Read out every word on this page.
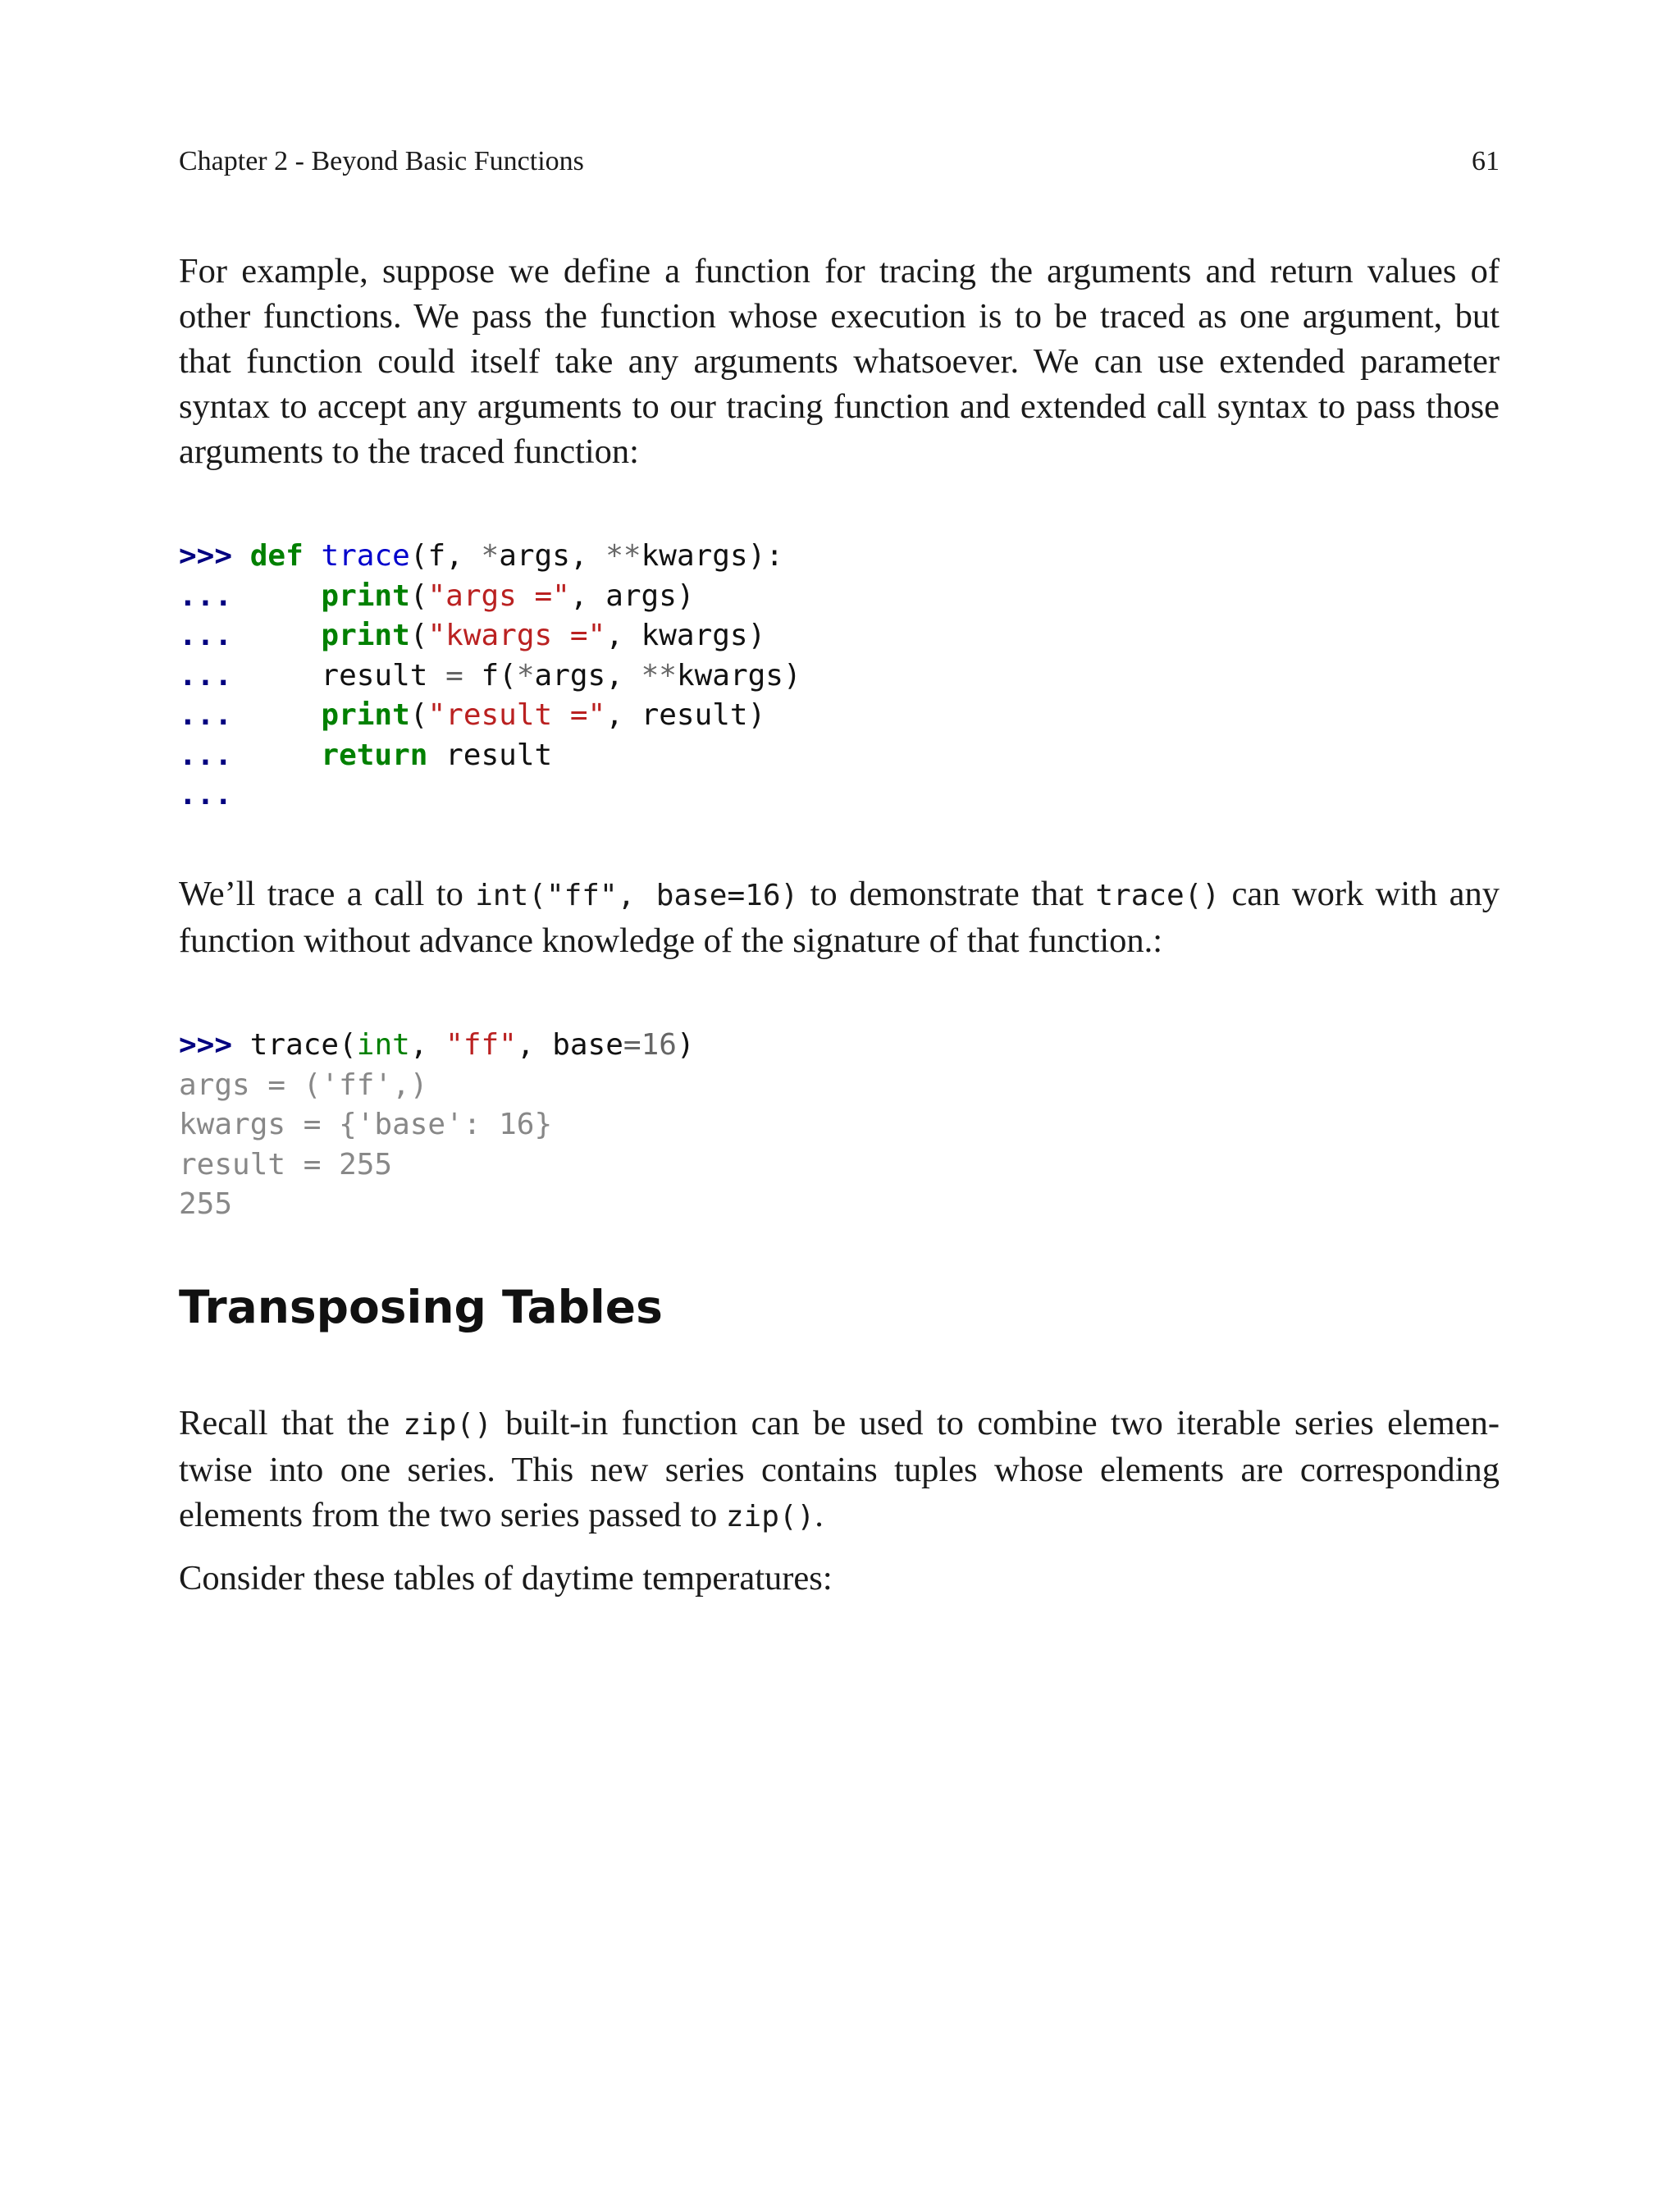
Chapter 2 - Beyond Basic Functions	61

For example, suppose we define a function for tracing the arguments and return values of other functions. We pass the function whose execution is to be traced as one argument, but that function could itself take any arguments whatsoever. We can use extended parameter syntax to accept any arguments to our tracing function and extended call syntax to pass those arguments to the traced function:

>>> def trace(f, *args, **kwargs):
...	print("args =", args)
...	print("kwargs =", kwargs)
...	result = f(*args, **kwargs)
...	print("result =", result)
...	return result
...

We’ll trace a call to int("ff", base=16) to demonstrate that trace() can work with any function without advance knowledge of the signature of that function.:

>>> trace(int, "ff", base=16)
args = ('ff',)
kwargs = {'base': 16}
result = 255
255
Transposing Tables

Recall that the zip() built-in function can be used to combine two iterable series elemen- twise into one series. This new series contains tuples whose elements are corresponding elements from the two series passed to zip().

Consider these tables of daytime temperatures:
